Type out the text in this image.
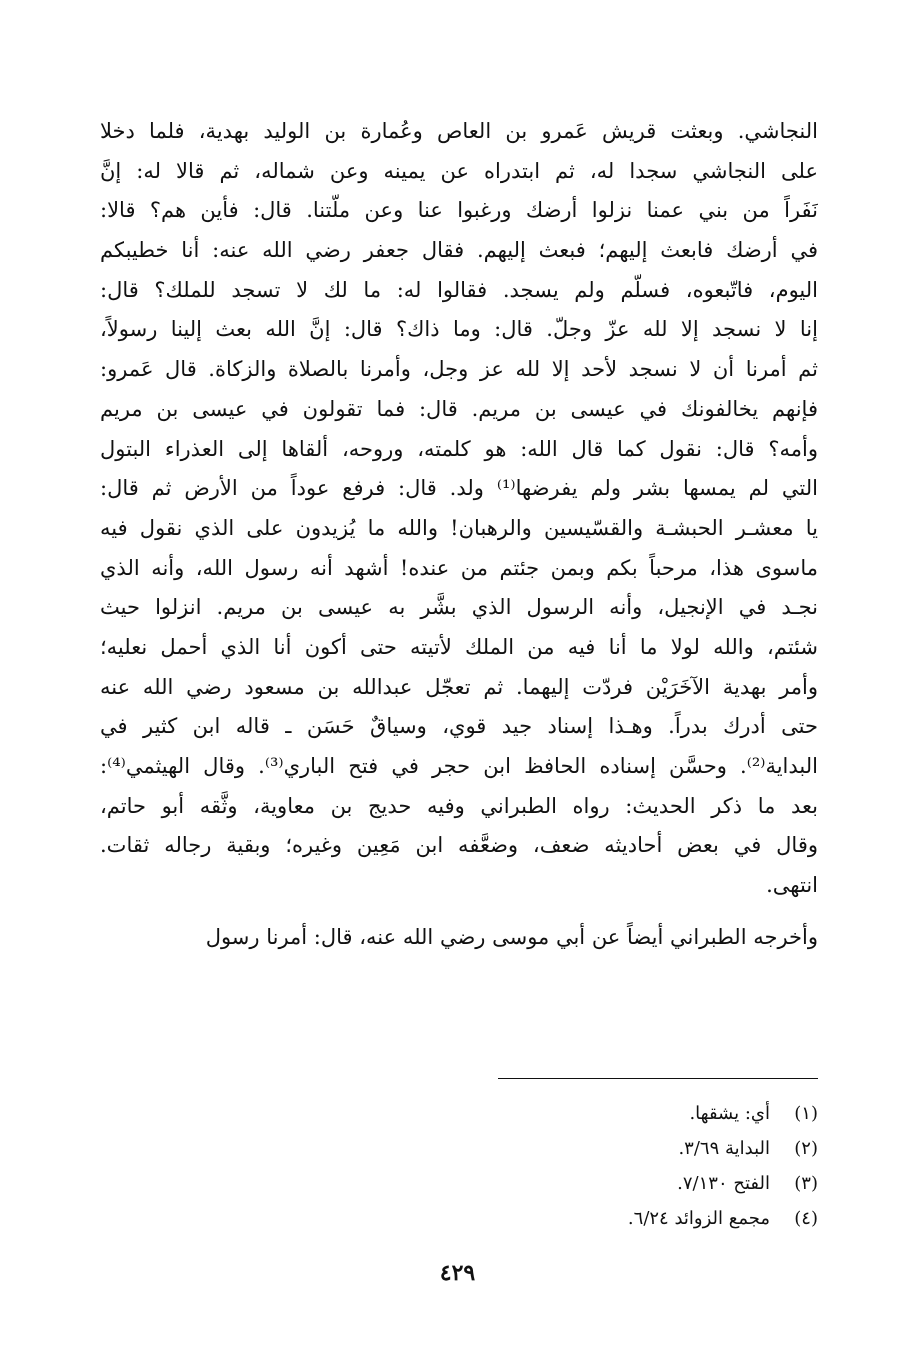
النجاشي. وبعثت قريش عَمرو بن العاص وعُمارة بن الوليد بهدية، فلما دخلا
على النجاشي سجدا له، ثم ابتدراه عن يمينه وعن شماله، ثم قالا له: إنَّ
نَفَراً من بني عمنا نزلوا أرضك ورغبوا عنا وعن ملّتنا. قال: فأين هم؟ قالا:
في أرضك فابعث إليهم؛ فبعث إليهم. فقال جعفر رضي الله عنه: أنا خطيبكم
اليوم، فاتّبعوه، فسلّم ولم يسجد. فقالوا له: ما لك لا تسجد للملك؟ قال:
إنا لا نسجد إلا لله عزّ وجلّ. قال: وما ذاك؟ قال: إنَّ الله بعث إلينا رسولاً،
ثم أمرنا أن لا نسجد لأحد إلا لله عز وجل، وأمرنا بالصلاة والزكاة. قال عَمرو:
فإنهم يخالفونك في عيسى بن مريم. قال: فما تقولون في عيسى بن مريم
وأمه؟ قال: نقول كما قال الله: هو كلمته، وروحه، ألقاها إلى العذراء البتول
التي لم يمسها بشر ولم يفرضها⁽¹⁾ ولد. قال: فرفع عوداً من الأرض ثم قال:
يا معشـر الحبشـة والقسّيسين والرهبان! والله ما يُزيدون على الذي نقول فيه
ماسوى هذا، مرحباً بكم وبمن جئتم من عنده! أشهد أنه رسول الله، وأنه الذي
نجـد في الإنجيل، وأنه الرسول الذي بشَّر به عيسى بن مريم. انزلوا حيث
شئتم، والله لولا ما أنا فيه من الملك لأتيته حتى أكون أنا الذي أحمل نعليه؛
وأمر بهدية الآخَرَيْن فردّت إليهما. ثم تعجّل عبدالله بن مسعود رضي الله عنه
حتى أدرك بدراً. وهـذا إسناد جيد قوي، وسياقٌ حَسَن ـ قاله ابن كثير في
البداية⁽²⁾. وحسَّن إسناده الحافظ ابن حجر في فتح الباري⁽³⁾. وقال الهيثمي⁽⁴⁾:
بعد ما ذكر الحديث: رواه الطبراني وفيه حديج بن معاوية، وثَّقه أبو حاتم،
وقال في بعض أحاديثه ضعف، وضعَّفه ابن مَعِين وغيره؛ وبقية رجاله ثقات.
انتهى.
وأخرجه الطبراني أيضاً عن أبي موسى رضي الله عنه، قال: أمرنا رسول
(١)
أي: يشقها.
(٢)
البداية ٣/٦٩.
(٣)
الفتح ٧/١٣٠.
(٤)
مجمع الزوائد ٦/٢٤.
٤٢٩
